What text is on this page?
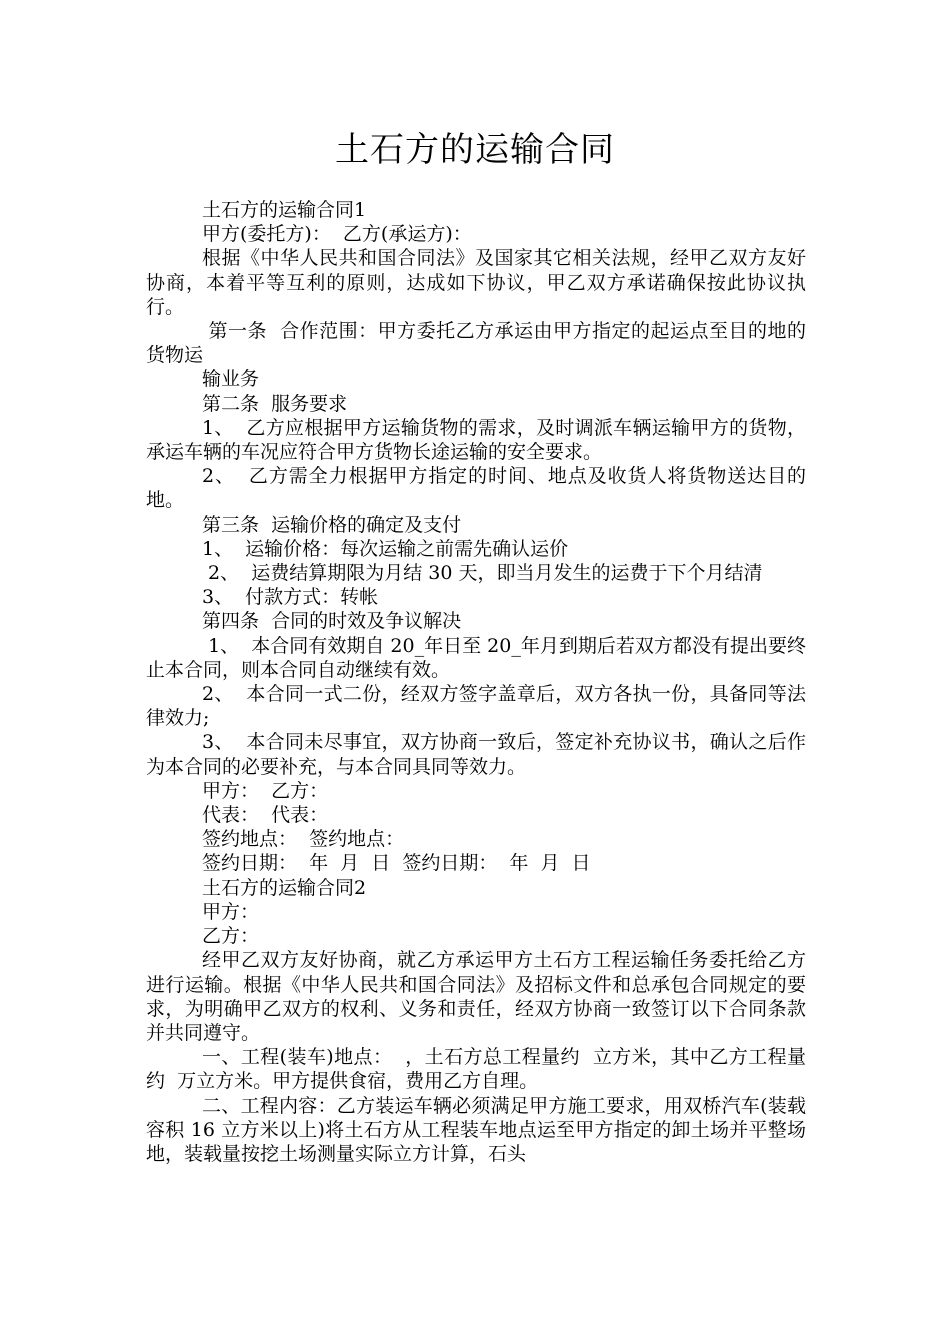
土石方的运输合同

土石方的运输合同1

甲方(委托方)：  乙方(承运方)：

根据《中华人民共和国合同法》及国家其它相关法规，经甲乙双方友好协商，本着平等互利的原则，达成如下协议，甲乙双方承诺确保按此协议执行。

第一条  合作范围：甲方委托乙方承运由甲方指定的起运点至目的地的货物运

输业务

第二条  服务要求

1、  乙方应根据甲方运输货物的需求，及时调派车辆运输甲方的货物，承运车辆的车况应符合甲方货物长途运输的安全要求。

2、  乙方需全力根据甲方指定的时间、地点及收货人将货物送达目的地。

第三条  运输价格的确定及支付

1、  运输价格：每次运输之前需先确认运价

2、  运费结算期限为月结 30 天，即当月发生的运费于下个月结清

3、  付款方式：转帐

第四条  合同的时效及争议解决

1、  本合同有效期自 20_年日至 20_年月到期后若双方都没有提出要终止本合同，则本合同自动继续有效。

2、  本合同一式二份，经双方签字盖章后，双方各执一份，具备同等法律效力;

3、  本合同未尽事宜，双方协商一致后，签定补充协议书，确认之后作为本合同的必要补充，与本合同具同等效力。

甲方：  乙方：

代表：  代表：

签约地点：  签约地点：

签约日期：  年  月  日  签约日期：  年  月  日

土石方的运输合同2

甲方：

乙方：

经甲乙双方友好协商，就乙方承运甲方土石方工程运输任务委托给乙方进行运输。根据《中华人民共和国合同法》及招标文件和总承包合同规定的要求，为明确甲乙双方的权利、义务和责任，经双方协商一致签订以下合同条款并共同遵守。

一、工程(装车)地点：  ，土石方总工程量约  立方米，其中乙方工程量约  万立方米。甲方提供食宿，费用乙方自理。

二、工程内容：乙方装运车辆必须满足甲方施工要求，用双桥汽车(装载容积 16 立方米以上)将土石方从工程装车地点运至甲方指定的卸土场并平整场地，装载量按挖土场测量实际立方计算，石头
